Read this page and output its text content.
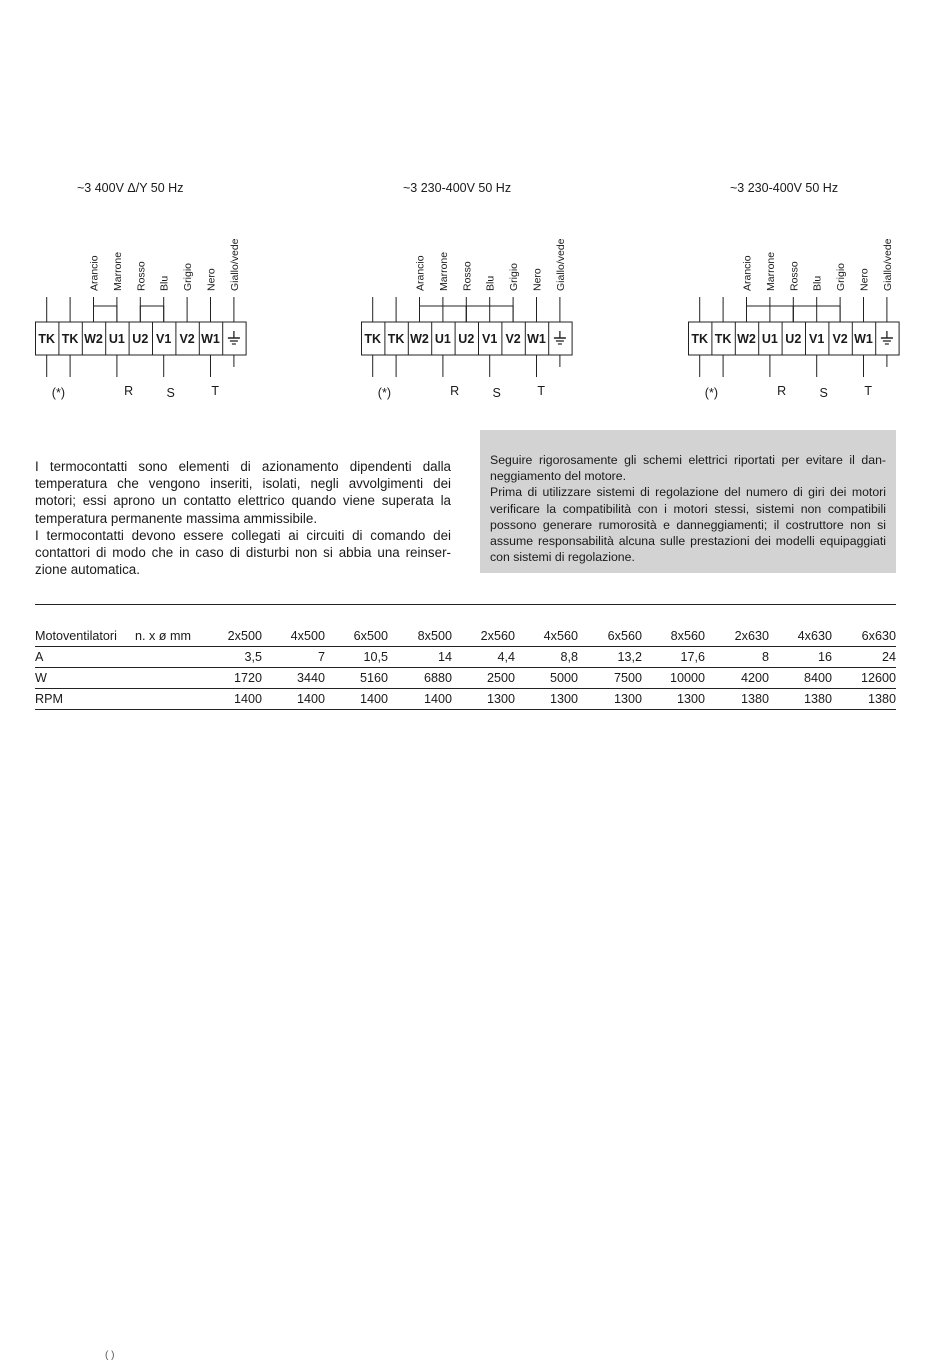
~3 400V Δ/Y 50 Hz
TK TK W2 U1 U2 V1 V2 W1
Arancio Marrone Rosso Blu Grigio Nero Giallo/vede
(*)	R	S	T
~3 230-400V 50 Hz
TK TK W2 U1 U2 V1 V2 W1
Arancio Marrone Rosso Blu Grigio Nero Giallo/vede
(*)	R	S	T
~3 230-400V 50 Hz
TK TK W2 U1 U2 V1 V2 W1
Arancio Marrone Rosso Blu Grigio Nero Giallo/vede
(*)	R	S	T

I termocontatti sono elementi di azionamento dipendenti dalla temperatura che vengono inseriti, isolati, negli avvolgimenti dei motori; essi aprono un contatto elettrico quando viene superata la temperatura permanente massima ammissibile.

I termocontatti devono essere collegati ai circuiti di comando dei contattori di modo che in caso di disturbi non si abbia una reinser-zione automatica.

Seguire rigorosamente gli schemi elettrici riportati per evitare il dan-neggiamento del motore.

Prima di utilizzare sistemi di regolazione del numero di giri dei motori verificare la compatibilità con i motori stessi, sistemi non compatibili possono generare rumorosità e danneggiamenti; il costruttore non si assume responsabilità alcuna sulle prestazioni dei modelli equipaggiati con sistemi di regolazione.

Motoventilatori	n. x ø mm	2x500	4x500	6x500	8x500	2x560	4x560	6x560	8x560	2x630	4x630	6x630
A		3,5	7	10,5	14	4,4	8,8	13,2	17,6	8	16	24
W		1720	3440	5160	6880	2500	5000	7500	10000	4200	8400	12600
RPM		1400	1400	1400	1400	1300	1300	1300	1300	1380	1380	1380
( )
